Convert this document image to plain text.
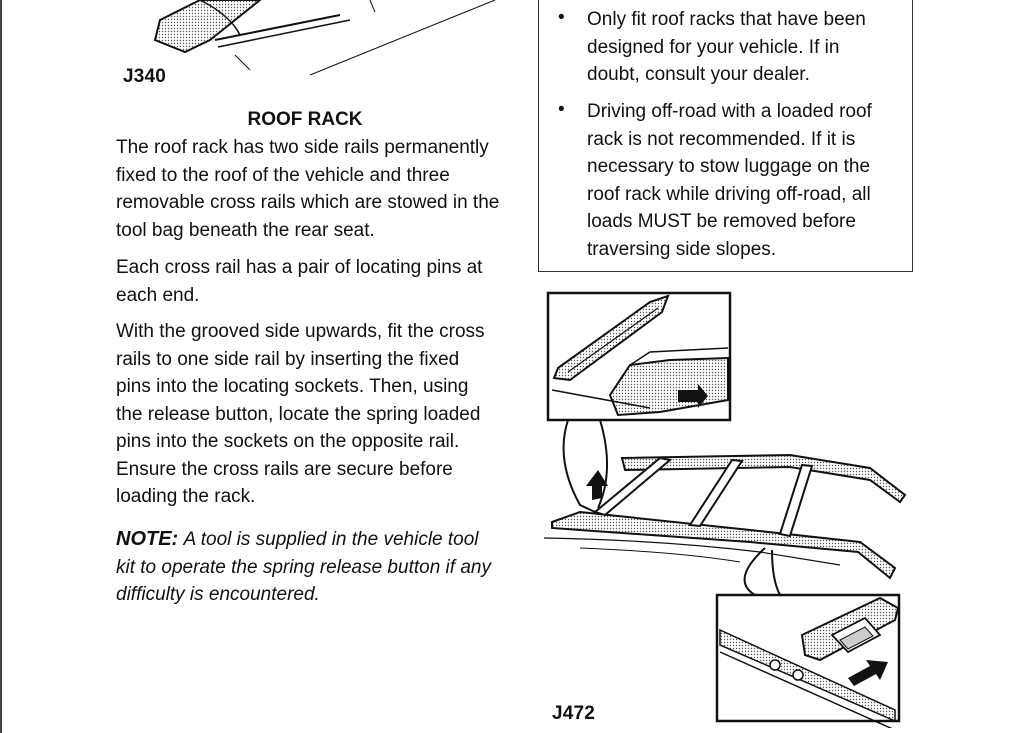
J340
ROOF RACK

The roof rack has two side rails permanently fixed to the roof of the vehicle and three removable cross rails which are stowed in the tool bag beneath the rear seat.

Each cross rail has a pair of locating pins at each end.

With the grooved side upwards, fit the cross rails to one side rail by inserting the fixed pins into the locating sockets. Then, using the release button, locate the spring loaded pins into the sockets on the opposite rail. Ensure the cross rails are secure before loading the rack.

NOTE: A tool is supplied in the vehicle tool kit to operate the spring release button if any difficulty is encountered.

• Only fit roof racks that have been designed for your vehicle. If in doubt, consult your dealer.

• Driving off-road with a loaded roof rack is not recommended. If it is necessary to stow luggage on the roof rack while driving off-road, all loads MUST be removed before traversing side slopes.

J472
